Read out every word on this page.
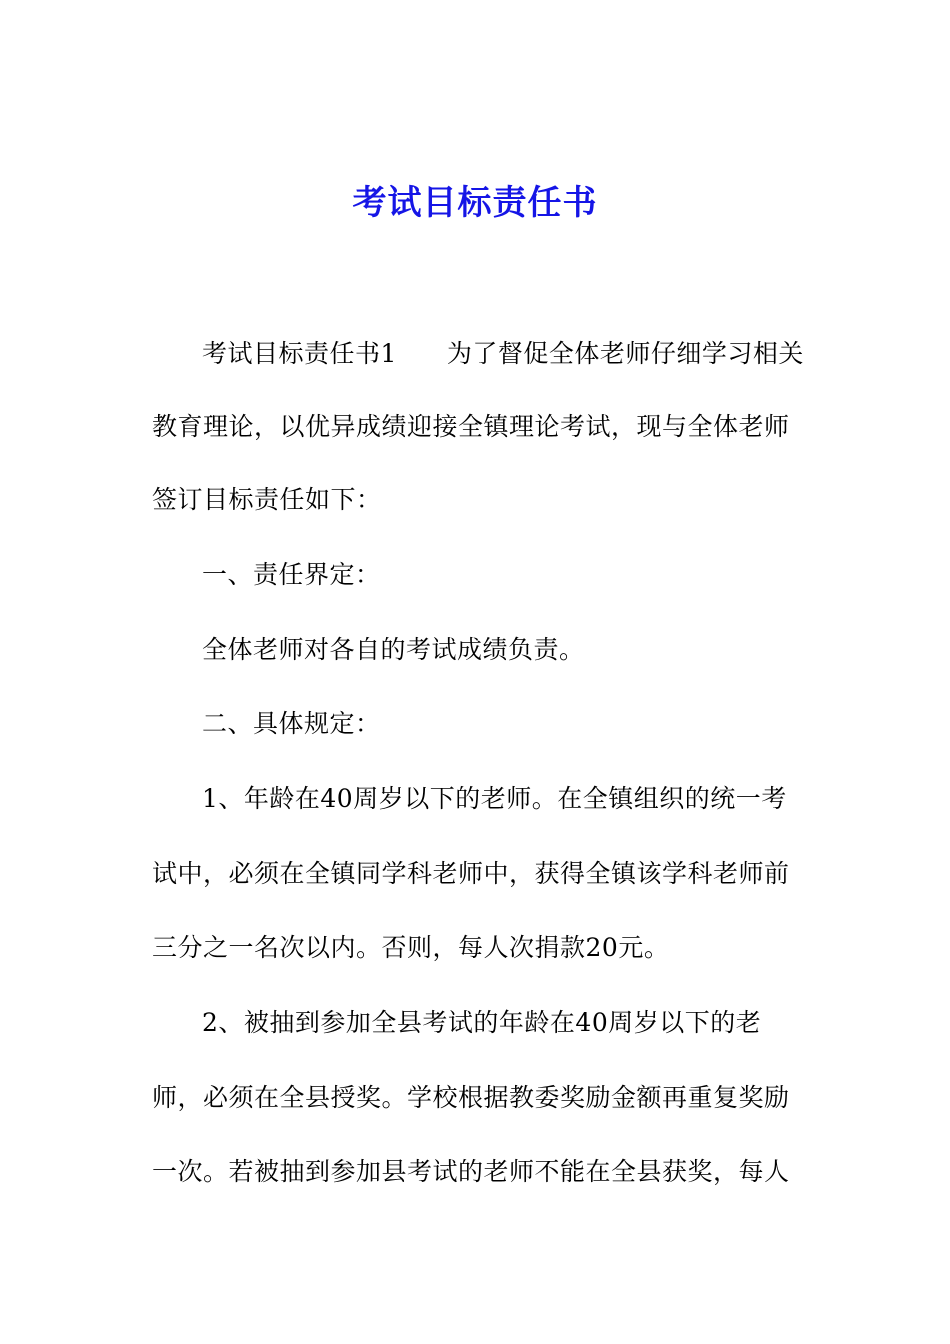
考试目标责任书
考试目标责任书1 为了督促全体老师仔细学习相关
教育理论，以优异成绩迎接全镇理论考试，现与全体老师
签订目标责任如下：
一、责任界定：
全体老师对各自的考试成绩负责。
二、具体规定：
1、年龄在40周岁以下的老师。在全镇组织的统一考
试中，必须在全镇同学科老师中，获得全镇该学科老师前
三分之一名次以内。否则，每人次捐款20元。
2、被抽到参加全县考试的年龄在40周岁以下的老
师，必须在全县授奖。学校根据教委奖励金额再重复奖励
一次。若被抽到参加县考试的老师不能在全县获奖，每人
